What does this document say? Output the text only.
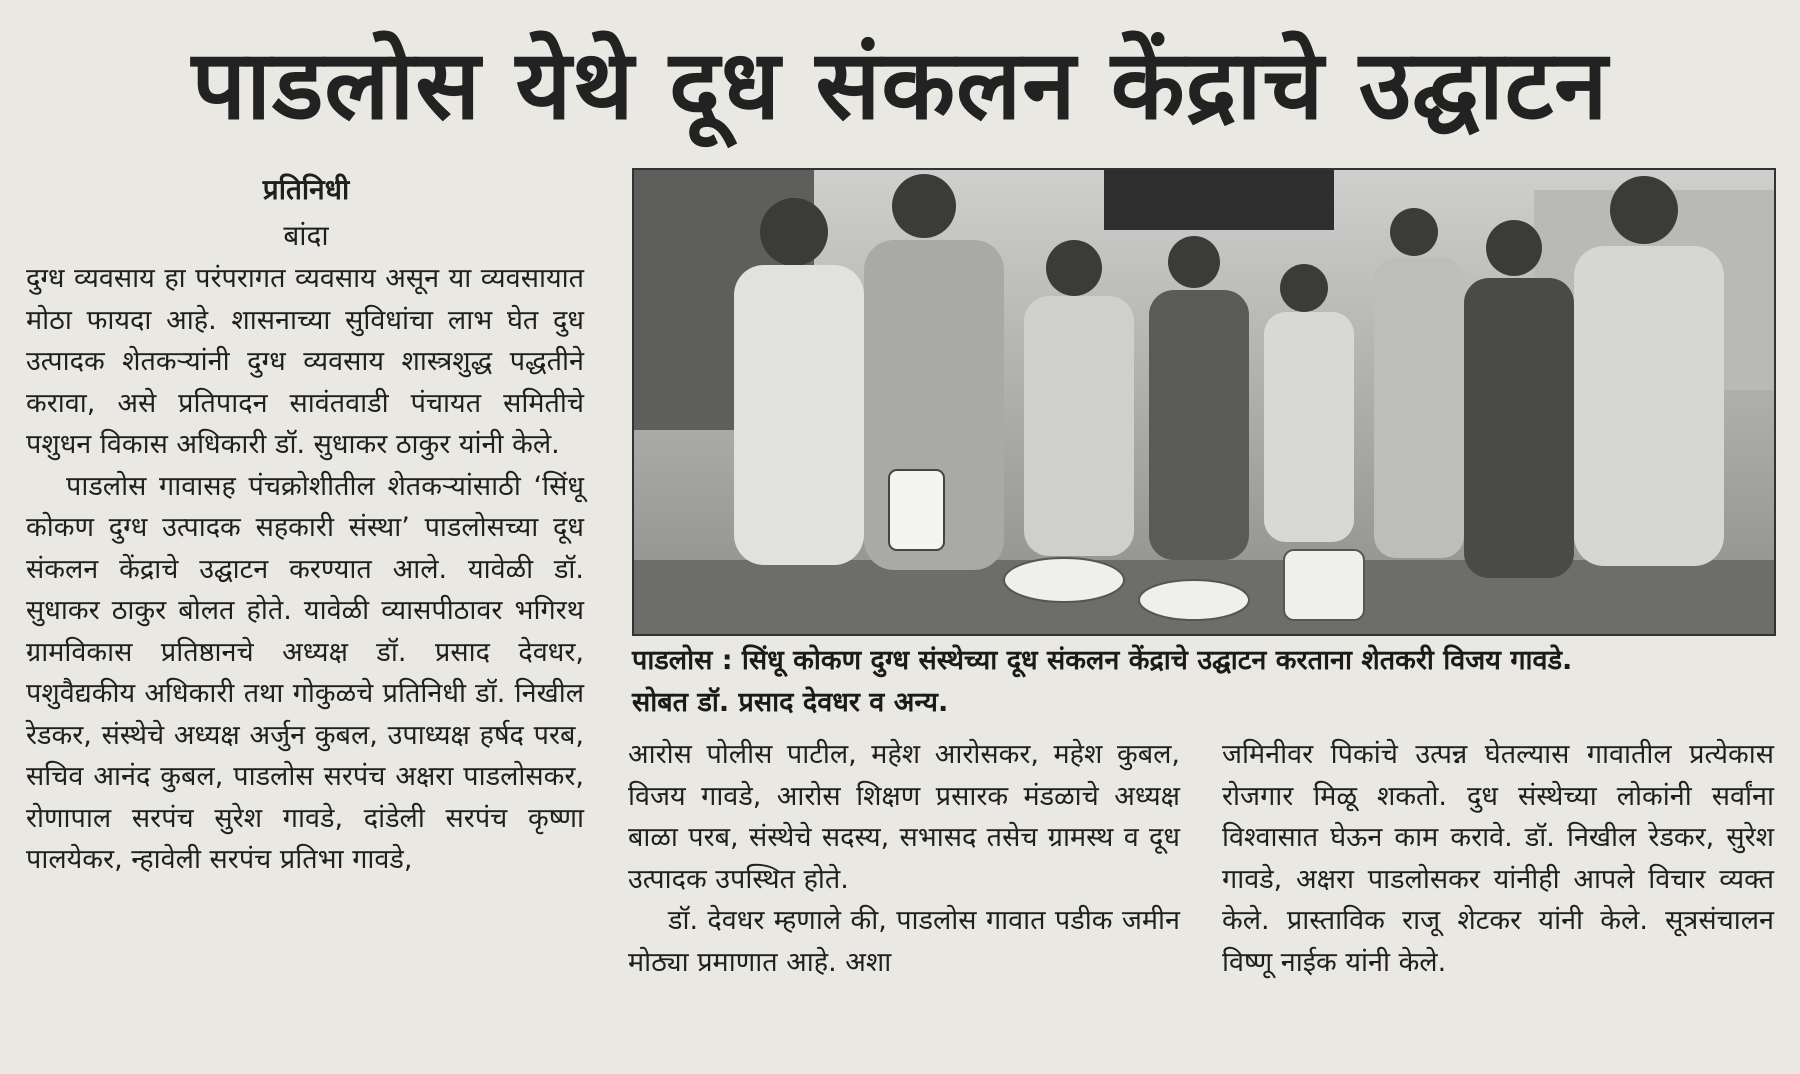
पाडलोस येथे दूध संकलन केंद्राचे उद्घाटन
प्रतिनिधी
बांदा

दुग्ध व्यवसाय हा परंपरागत व्यवसाय असून या व्यवसायात मोठा फायदा आहे. शासनाच्या सुविधांचा लाभ घेत दुध उत्पादक शेतकऱ्यांनी दुग्ध व्यवसाय शास्त्रशुद्ध पद्धतीने करावा, असे प्रतिपादन सावंतवाडी पंचायत समितीचे पशुधन विकास अधिकारी डॉ. सुधाकर ठाकुर यांनी केले.

पाडलोस गावासह पंचक्रोशीतील शेतकऱ्यांसाठी ‘सिंधू कोकण दुग्ध उत्पादक सहकारी संस्था’ पाडलोसच्या दूध संकलन केंद्राचे उद्घाटन करण्यात आले. यावेळी डॉ. सुधाकर ठाकुर बोलत होते. यावेळी व्यासपीठावर भगिरथ ग्रामविकास प्रतिष्ठानचे अध्यक्ष डॉ. प्रसाद देवधर, पशुवैद्यकीय अधिकारी तथा गोकुळचे प्रतिनिधी डॉ. निखील रेडकर, संस्थेचे अध्यक्ष अर्जुन कुबल, उपाध्यक्ष हर्षद परब, सचिव आनंद कुबल, पाडलोस सरपंच अक्षरा पाडलोसकर, रोणापाल सरपंच सुरेश गावडे, दांडेली सरपंच कृष्णा पालयेकर, न्हावेली सरपंच प्रतिभा गावडे,

पाडलोस : सिंधू कोकण दुग्ध संस्थेच्या दूध संकलन केंद्राचे उद्घाटन करताना शेतकरी विजय गावडे.
सोबत डॉ. प्रसाद देवधर व अन्य.

आरोस पोलीस पाटील, महेश आरोसकर, महेश कुबल, विजय गावडे, आरोस शिक्षण प्रसारक मंडळाचे अध्यक्ष बाळा परब, संस्थेचे सदस्य, सभासद तसेच ग्रामस्थ व दूध उत्पादक उपस्थित होते.

डॉ. देवधर म्हणाले की, पाडलोस गावात पडीक जमीन मोठ्या प्रमाणात आहे. अशा

जमिनीवर पिकांचे उत्पन्न घेतल्यास गावातील प्रत्येकास रोजगार मिळू शकतो. दुध संस्थेच्या लोकांनी सर्वांना विश्वासात घेऊन काम करावे. डॉ. निखील रेडकर, सुरेश गावडे, अक्षरा पाडलोसकर यांनीही आपले विचार व्यक्त केले. प्रास्ताविक राजू शेटकर यांनी केले. सूत्रसंचालन विष्णू नाईक यांनी केले.
